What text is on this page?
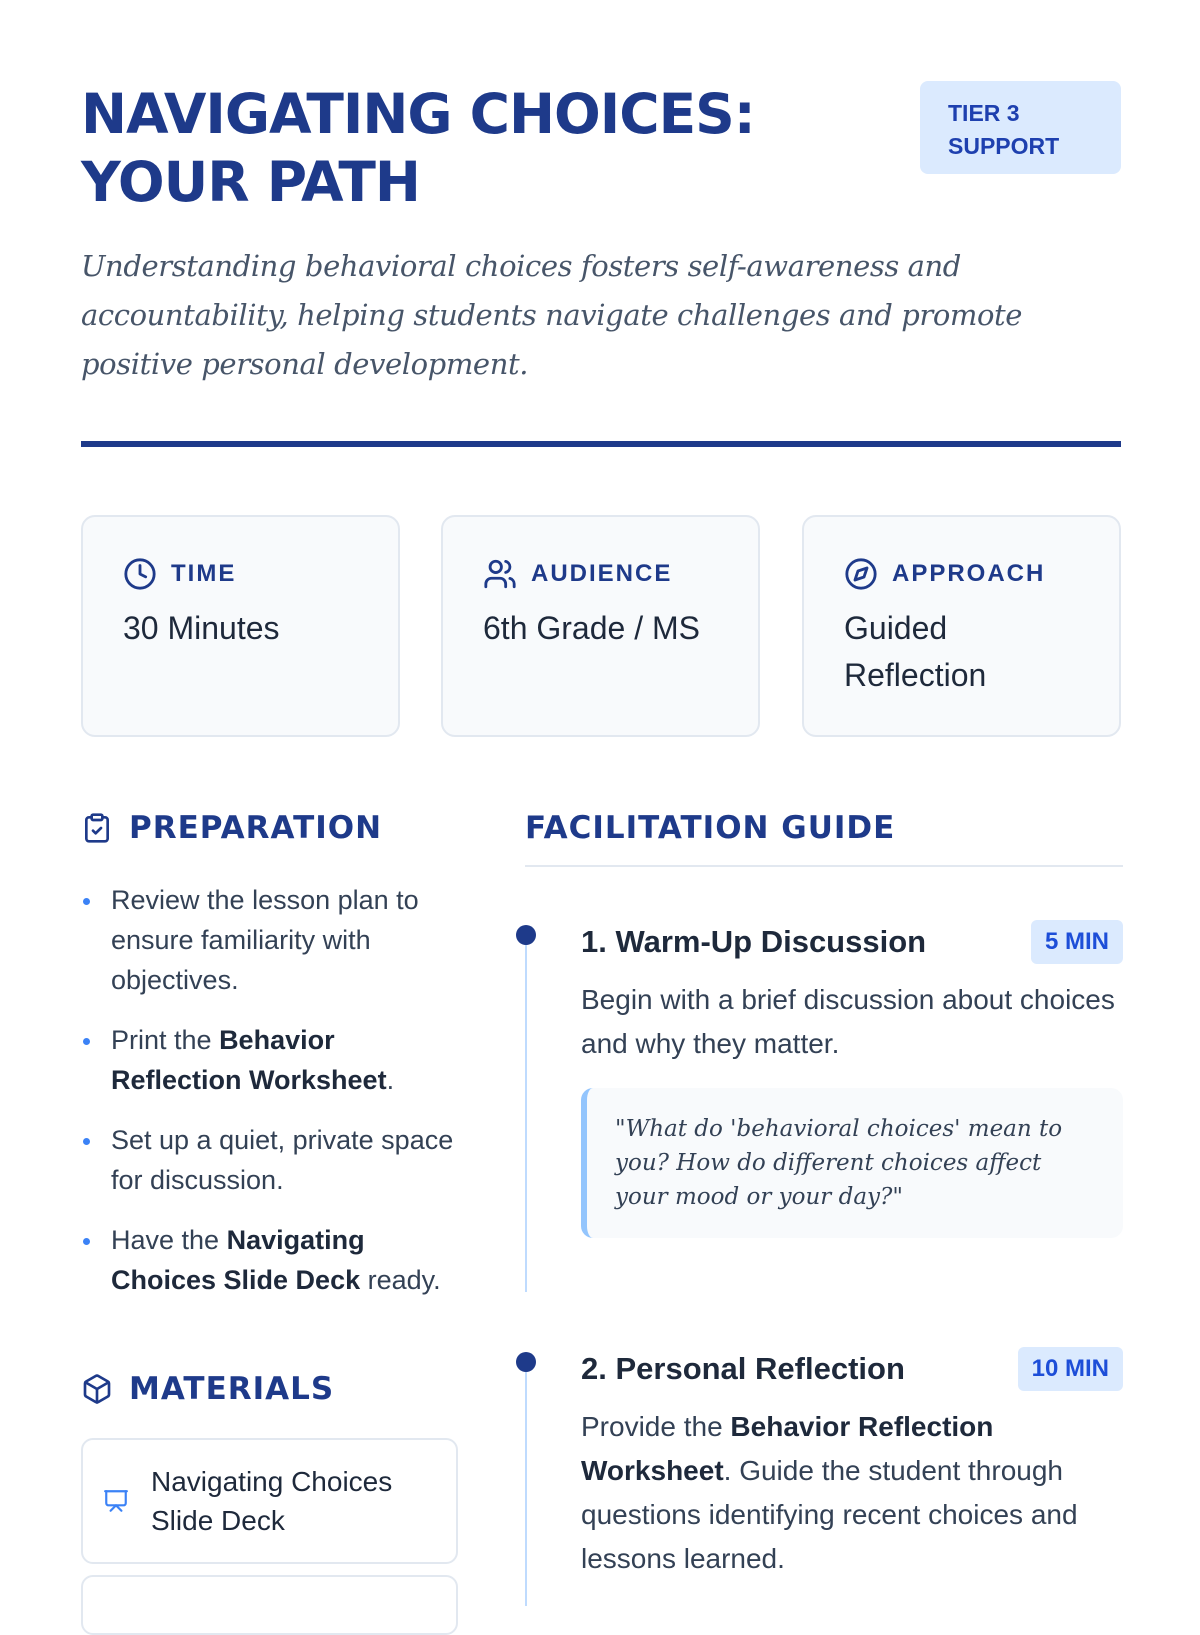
NAVIGATING CHOICES:
YOUR PATH
TIER 3
SUPPORT

Understanding behavioral choices fosters self-awareness and accountability, helping students navigate challenges and promote positive personal development.

TIME
30 Minutes
AUDIENCE
6th Grade / MS
APPROACH
Guided
Reflection
PREPARATION
Review the lesson plan to ensure familiarity with objectives.
Print the Behavior Reflection Worksheet.
Set up a quiet, private space for discussion.
Have the Navigating Choices Slide Deck ready.
MATERIALS
Navigating Choices
Slide Deck
FACILITATION GUIDE
1. Warm-Up Discussion	5 MIN
Begin with a brief discussion about choices and why they matter.
"What do 'behavioral choices' mean to you? How do different choices affect your mood or your day?"
2. Personal Reflection	10 MIN
Provide the Behavior Reflection Worksheet. Guide the student through questions identifying recent choices and lessons learned.
